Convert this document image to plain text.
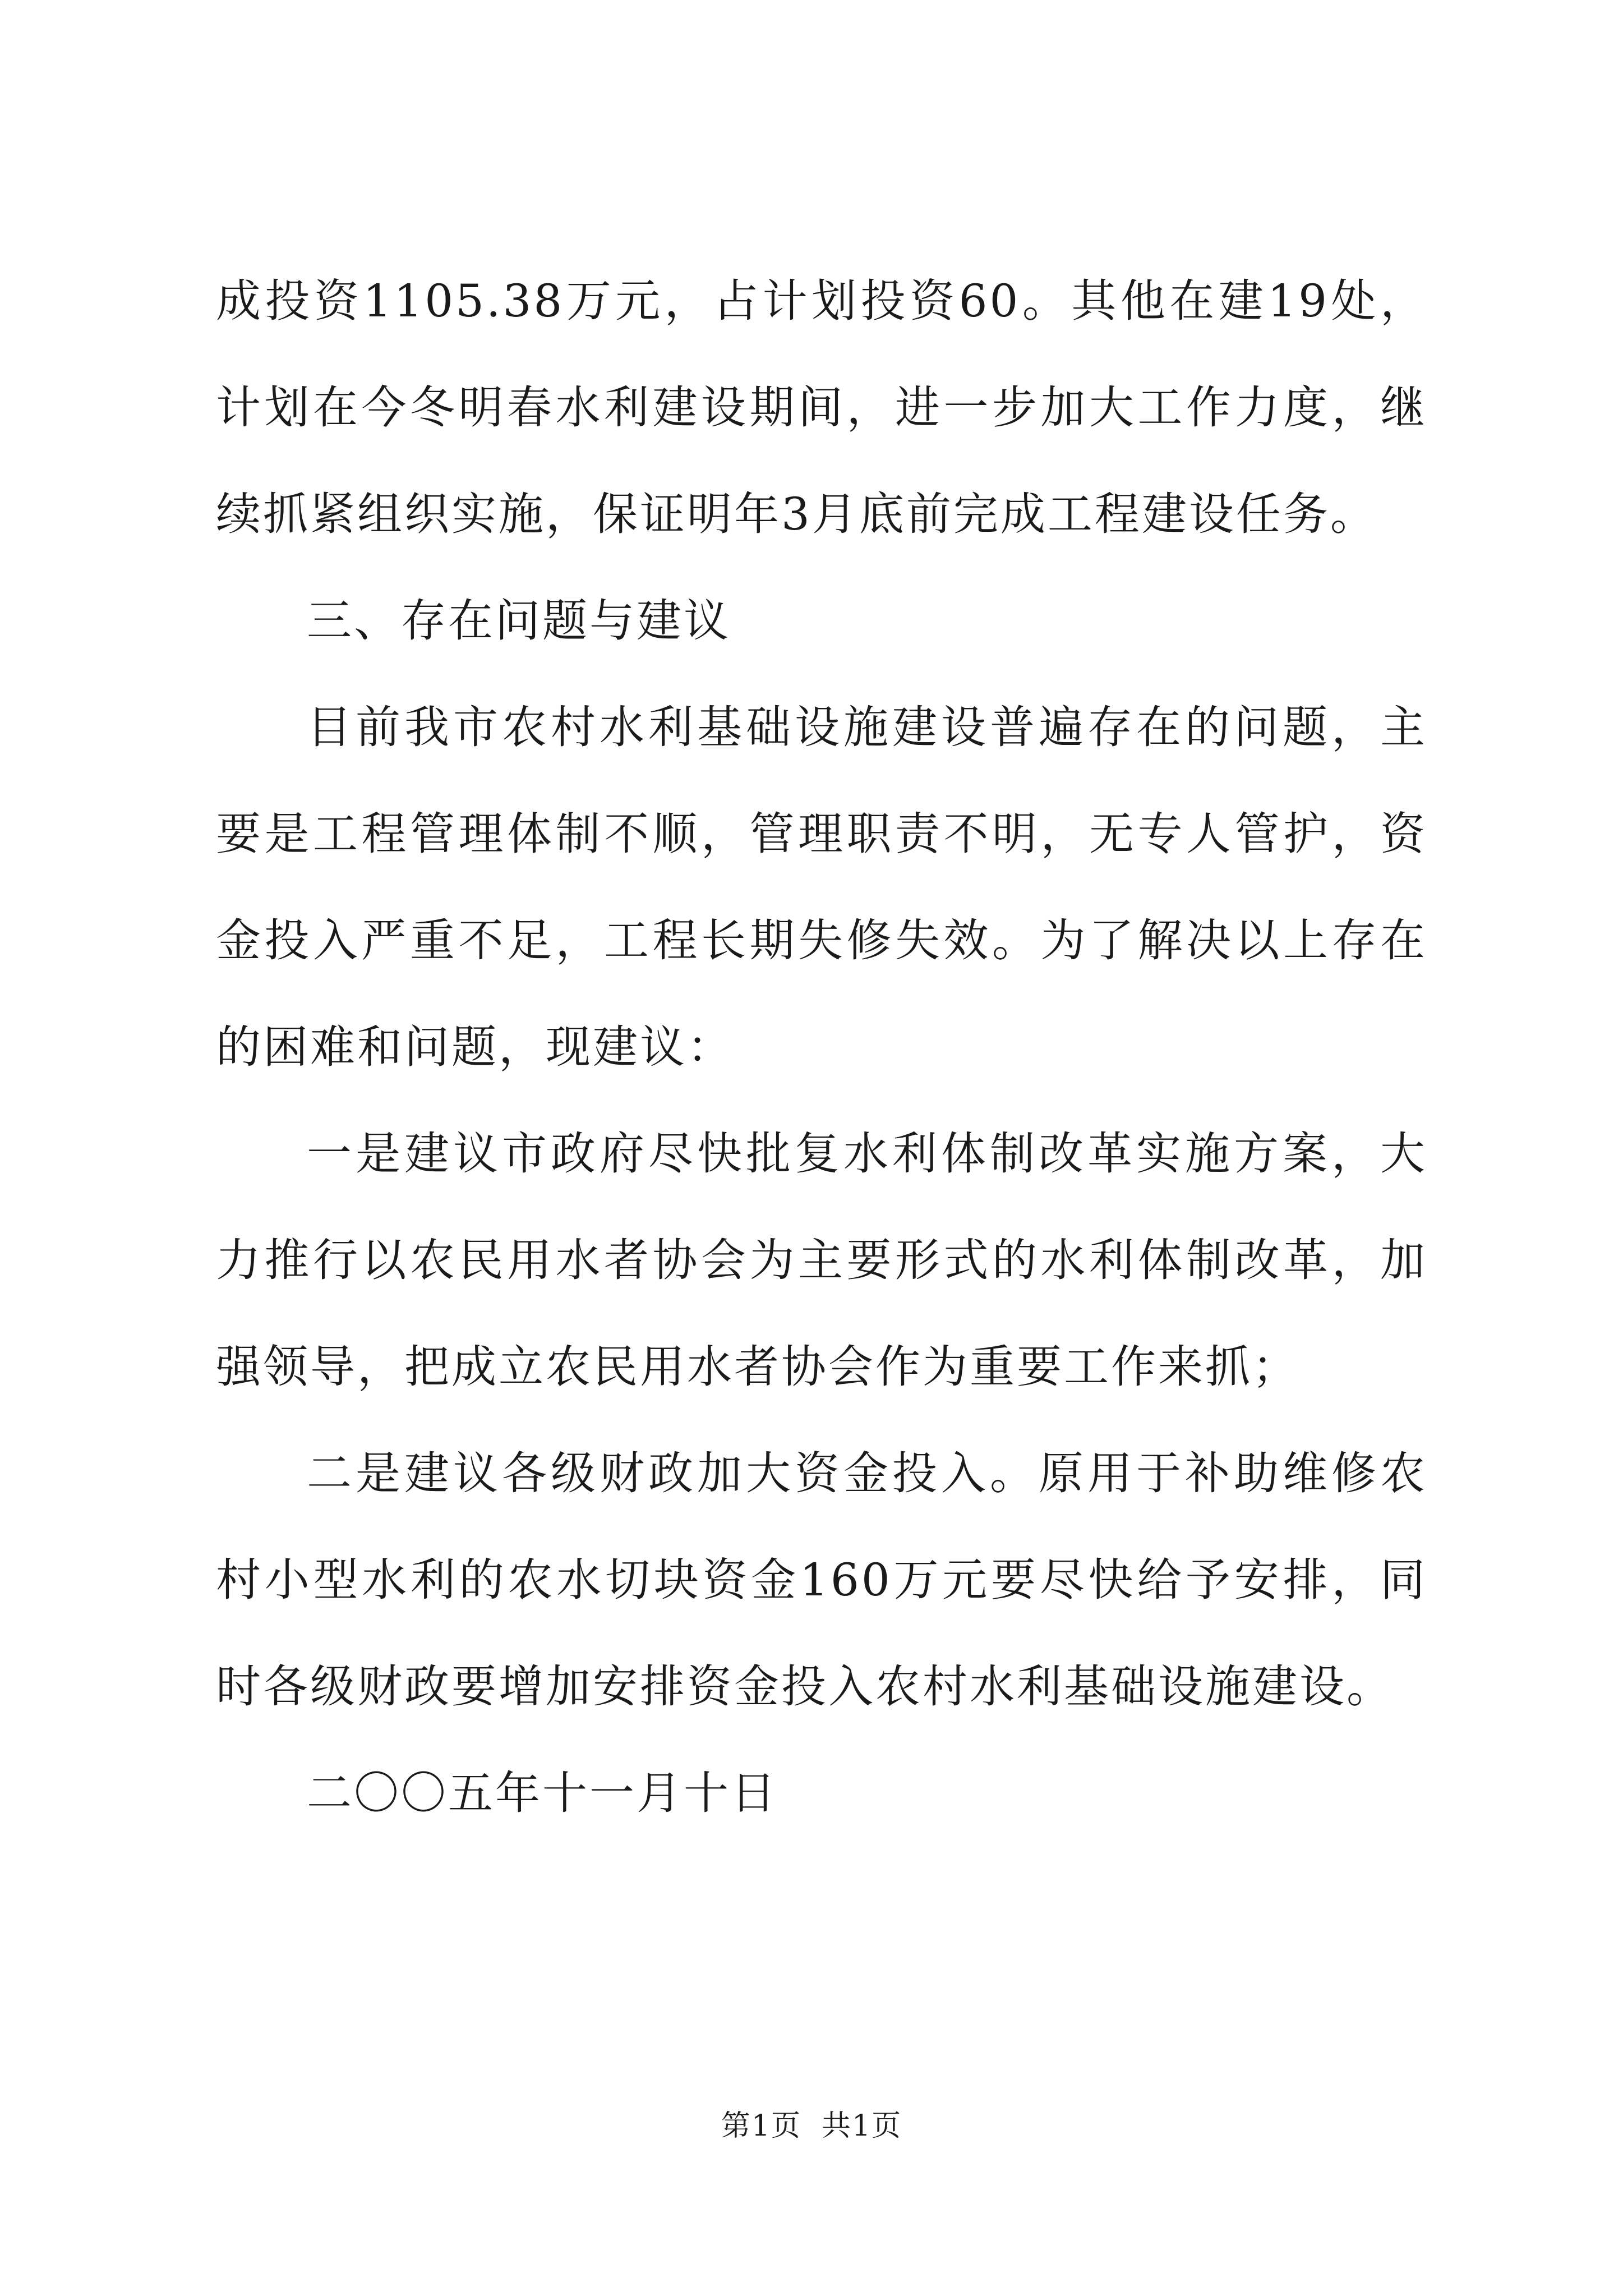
成投资1105.38万元，占计划投资60。其他在建19处，计划在今冬明春水利建设期间，进一步加大工作力度，继续抓紧组织实施，保证明年3月底前完成工程建设任务。

三、存在问题与建议

目前我市农村水利基础设施建设普遍存在的问题，主要是工程管理体制不顺，管理职责不明，无专人管护，资金投入严重不足，工程长期失修失效。为了解决以上存在的困难和问题，现建议：

一是建议市政府尽快批复水利体制改革实施方案，大力推行以农民用水者协会为主要形式的水利体制改革，加强领导，把成立农民用水者协会作为重要工作来抓；

二是建议各级财政加大资金投入。原用于补助维修农村小型水利的农水切块资金160万元要尽快给予安排，同时各级财政要增加安排资金投入农村水利基础设施建设。

二〇〇五年十一月十日

第1页 共1页
